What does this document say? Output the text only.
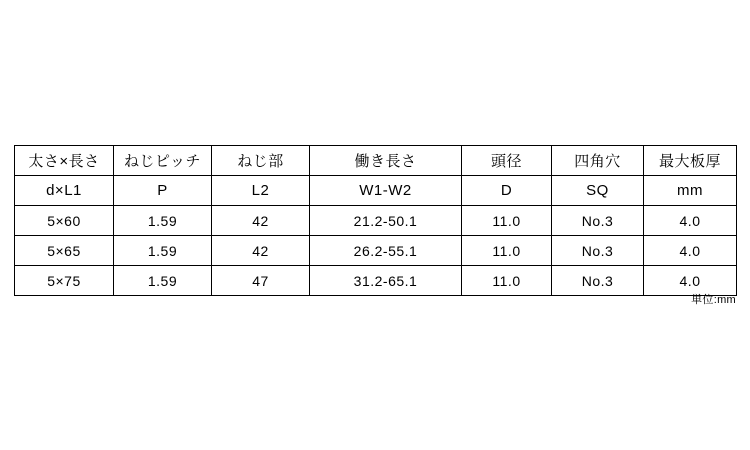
太さ×長さ	ねじピッチ	ねじ部	働き長さ	頭径	四角穴	最大板厚
d×L1	P	L2	W1-W2	D	SQ	mm
5×60	1.59	42	21.2-50.1	11.0	No.3	4.0
5×65	1.59	42	26.2-55.1	11.0	No.3	4.0
5×75	1.59	47	31.2-65.1	11.0	No.3	4.0
単位:mm
